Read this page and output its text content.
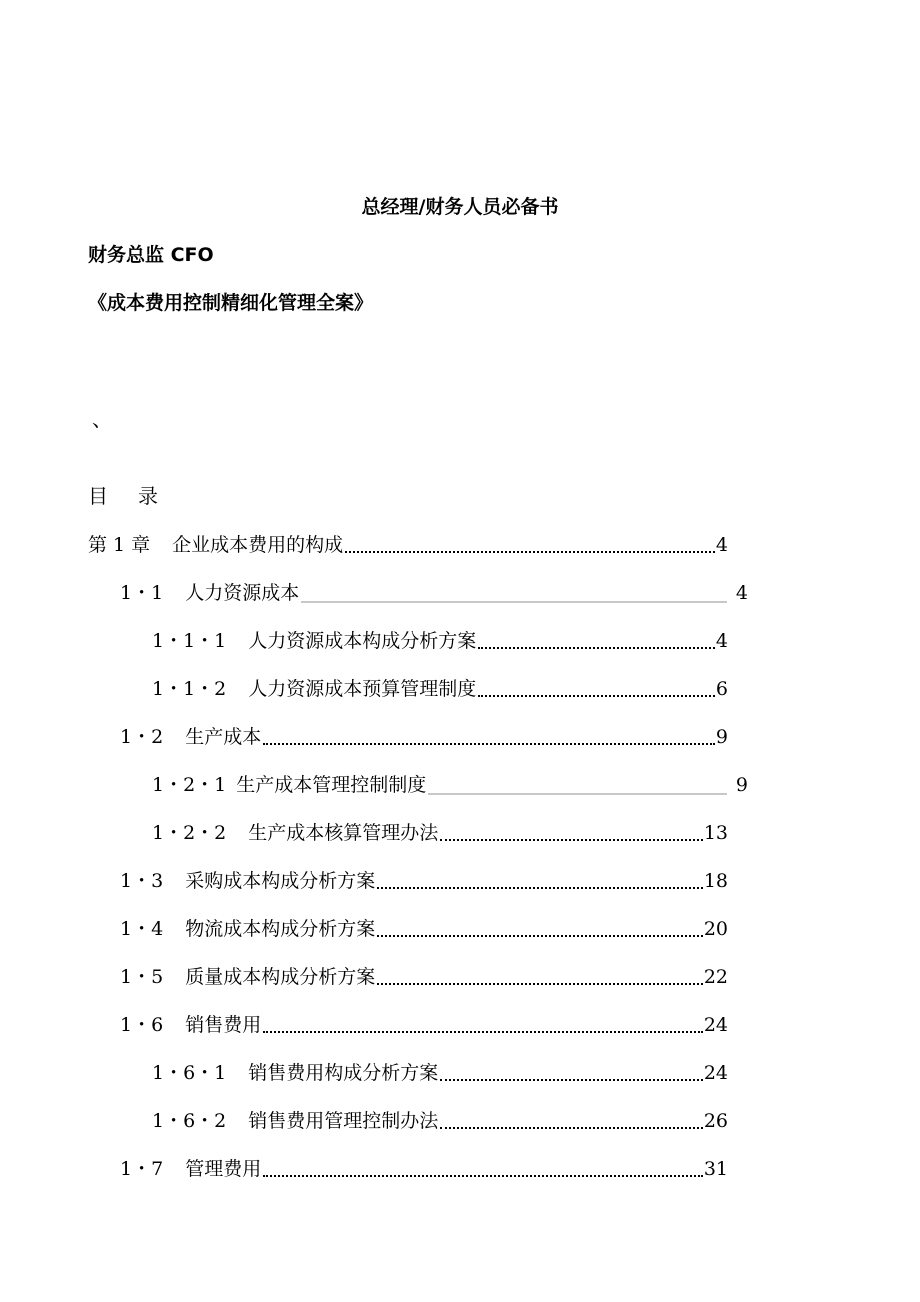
总经理/财务人员必备书
财务总监 CFO
《成本费用控制精细化管理全案》
、
目 录
第 1 章 企业成本费用的构成	4
1・1 人力资源成本	4
1・1・1 人力资源成本构成分析方案	4
1・1・2 人力资源成本预算管理制度	6
1・2 生产成本	9
1・2・1 生产成本管理控制制度	9
1・2・2 生产成本核算管理办法	13
1・3 采购成本构成分析方案	18
1・4 物流成本构成分析方案	20
1・5 质量成本构成分析方案	22
1・6 销售费用	24
1・6・1 销售费用构成分析方案	24
1・6・2 销售费用管理控制办法	26
1・7 管理费用	31
